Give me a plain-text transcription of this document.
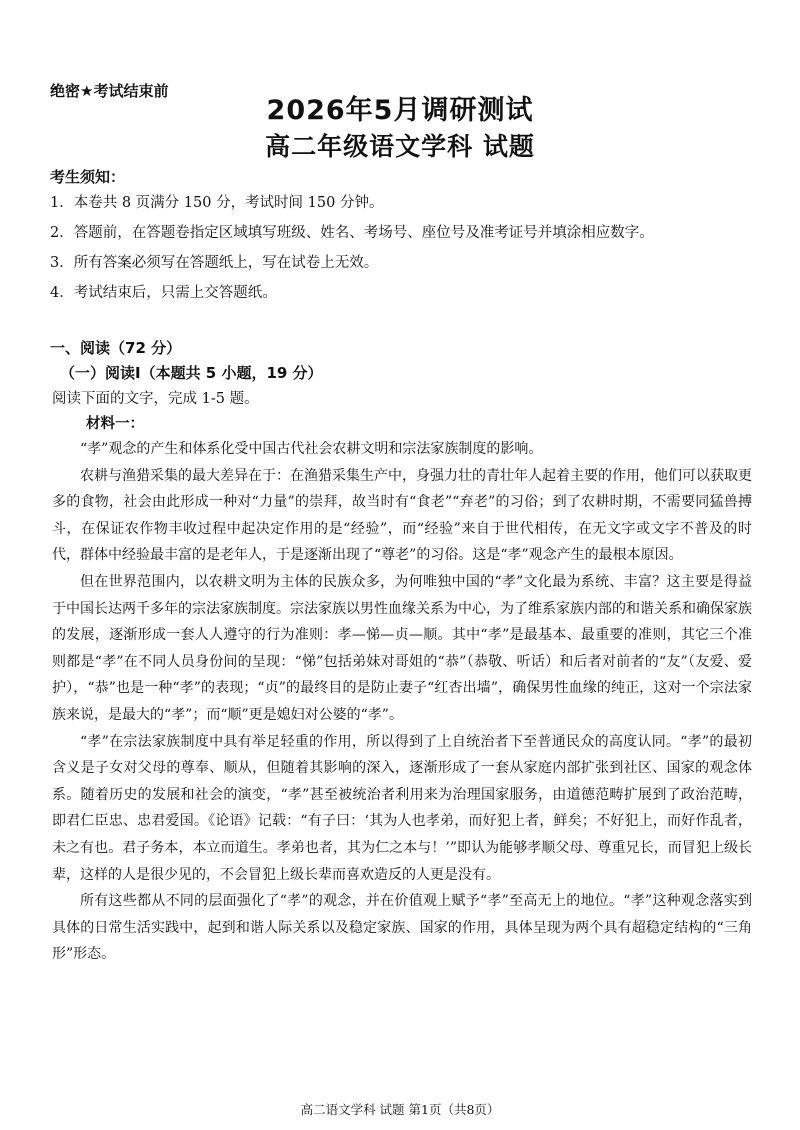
绝密★考试结束前
2026年5月调研测试
高二年级语文学科 试题
考生须知：
1．本卷共 8 页满分 150 分，考试时间 150 分钟。
2．答题前，在答题卷指定区域填写班级、姓名、考场号、座位号及准考证号并填涂相应数字。
3．所有答案必须写在答题纸上，写在试卷上无效。
4．考试结束后，只需上交答题纸。
一、阅读（72 分）
（一）阅读Ⅰ（本题共 5 小题，19 分）
阅读下面的文字，完成 1-5 题。
材料一：

“孝”观念的产生和体系化受中国古代社会农耕文明和宗法家族制度的影响。

农耕与渔猎采集的最大差异在于：在渔猎采集生产中，身强力壮的青壮年人起着主要的作用，他们可以获取更多的食物，社会由此形成一种对“力量”的崇拜，故当时有“食老”“弃老”的习俗；到了农耕时期，不需要同猛兽搏斗，在保证农作物丰收过程中起决定作用的是“经验”，而“经验”来自于世代相传，在无文字或文字不普及的时代，群体中经验最丰富的是老年人，于是逐渐出现了“尊老”的习俗。这是“孝”观念产生的最根本原因。

但在世界范围内，以农耕文明为主体的民族众多，为何唯独中国的“孝”文化最为系统、丰富？这主要是得益于中国长达两千多年的宗法家族制度。宗法家族以男性血缘关系为中心，为了维系家族内部的和谐关系和确保家族的发展，逐渐形成一套人人遵守的行为准则：孝—悌—贞—顺。其中“孝”是最基本、最重要的准则，其它三个准则都是“孝”在不同人员身份间的呈现：“悌”包括弟妹对哥姐的“恭”（恭敬、听话）和后者对前者的“友”（友爱、爱护），“恭”也是一种“孝”的表现；“贞”的最终目的是防止妻子“红杏出墙”，确保男性血缘的纯正，这对一个宗法家族来说，是最大的“孝”；而“顺”更是媳妇对公婆的“孝”。

“孝”在宗法家族制度中具有举足轻重的作用，所以得到了上自统治者下至普通民众的高度认同。“孝”的最初含义是子女对父母的尊奉、顺从，但随着其影响的深入，逐渐形成了一套从家庭内部扩张到社区、国家的观念体系。随着历史的发展和社会的演变，“孝”甚至被统治者利用来为治理国家服务，由道德范畴扩展到了政治范畴，即君仁臣忠、忠君爱国。《论语》记载：“有子曰：‘其为人也孝弟，而好犯上者，鲜矣；不好犯上，而好作乱者，未之有也。君子务本，本立而道生。孝弟也者，其为仁之本与！’”即认为能够孝顺父母、尊重兄长，而冒犯上级长辈，这样的人是很少见的，不会冒犯上级长辈而喜欢造反的人更是没有。

所有这些都从不同的层面强化了“孝”的观念，并在价值观上赋予“孝”至高无上的地位。“孝”这种观念落实到具体的日常生活实践中，起到和谐人际关系以及稳定家族、国家的作用，具体呈现为两个具有超稳定结构的“三角形”形态。

高二语文学科 试题 第1页（共8页）
